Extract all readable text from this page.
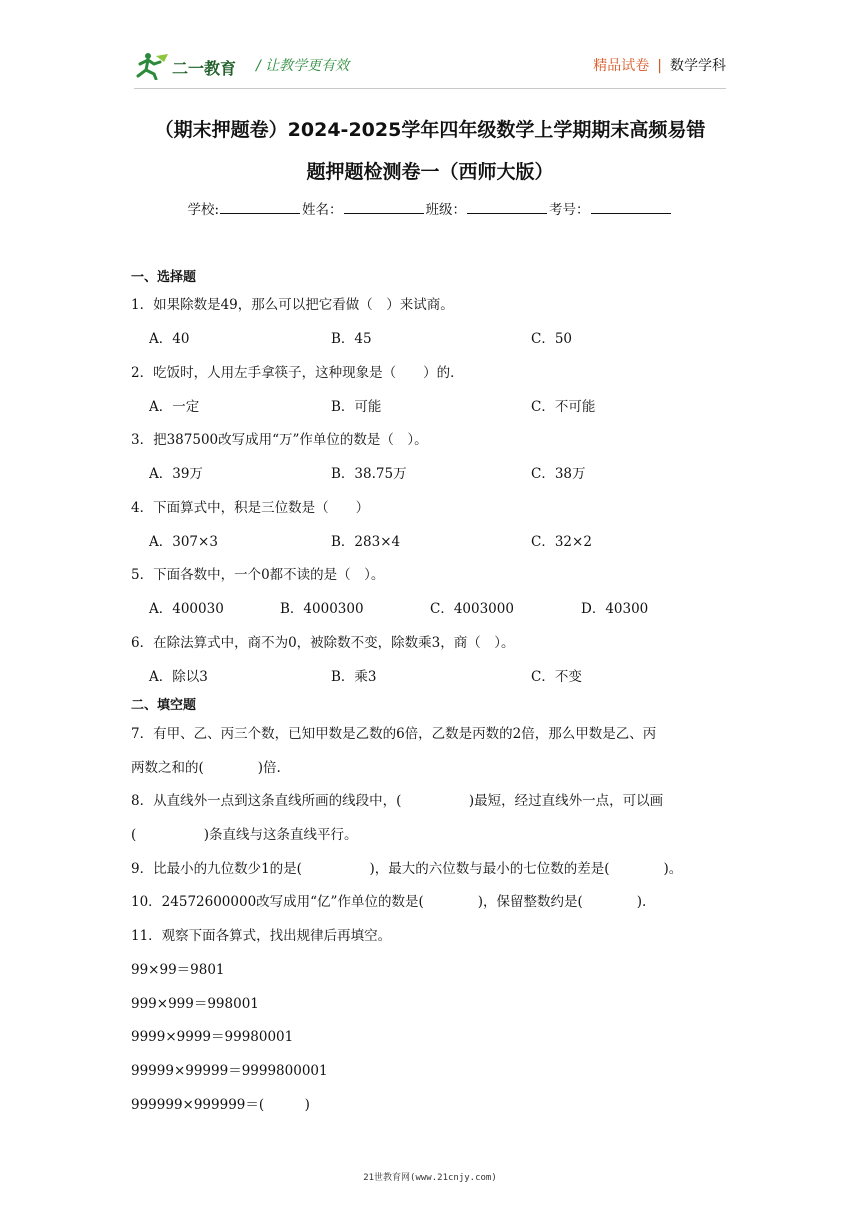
二一教育 / 让教学更有效	精品试卷 | 数学学科
（期末押题卷）2024-2025学年四年级数学上学期期末高频易错
题押题检测卷一（西师大版）
学校:	姓名：	班级：	考号：
一、选择题
1．如果除数是49，那么可以把它看做（　）来试商。
A．40	B．45	C．50
2．吃饭时，人用左手拿筷子，这种现象是（　　）的．
A．一定	B．可能	C．不可能
3．把387500改写成用“万”作单位的数是（　）。
A．39万	B．38.75万	C．38万
4．下面算式中，积是三位数是（　　）
A．307×3	B．283×4	C．32×2
5．下面各数中，一个0都不读的是（　）。
A．400030	B．4000300	C．4003000	D．40300
6．在除法算式中，商不为0，被除数不变，除数乘3，商（　）。
A．除以3	B．乘3	C．不变
二、填空题
7．有甲、乙、丙三个数，已知甲数是乙数的6倍，乙数是丙数的2倍，那么甲数是乙、丙
两数之和的(　　　　)倍.
8．从直线外一点到这条直线所画的线段中，(　　　　　)最短，经过直线外一点，可以画
(　　　　　)条直线与这条直线平行。
9．比最小的九位数少1的是(　　　　　)，最大的六位数与最小的七位数的差是(　　　　)。
10．24572600000改写成用“亿”作单位的数是(　　　　)，保留整数约是(　　　　).
11．观察下面各算式，找出规律后再填空。
99×99＝9801
999×999＝998001
9999×9999＝99980001
99999×99999＝9999800001
999999×999999＝(　　　)
21世教育网(www.21cnjy.com)
